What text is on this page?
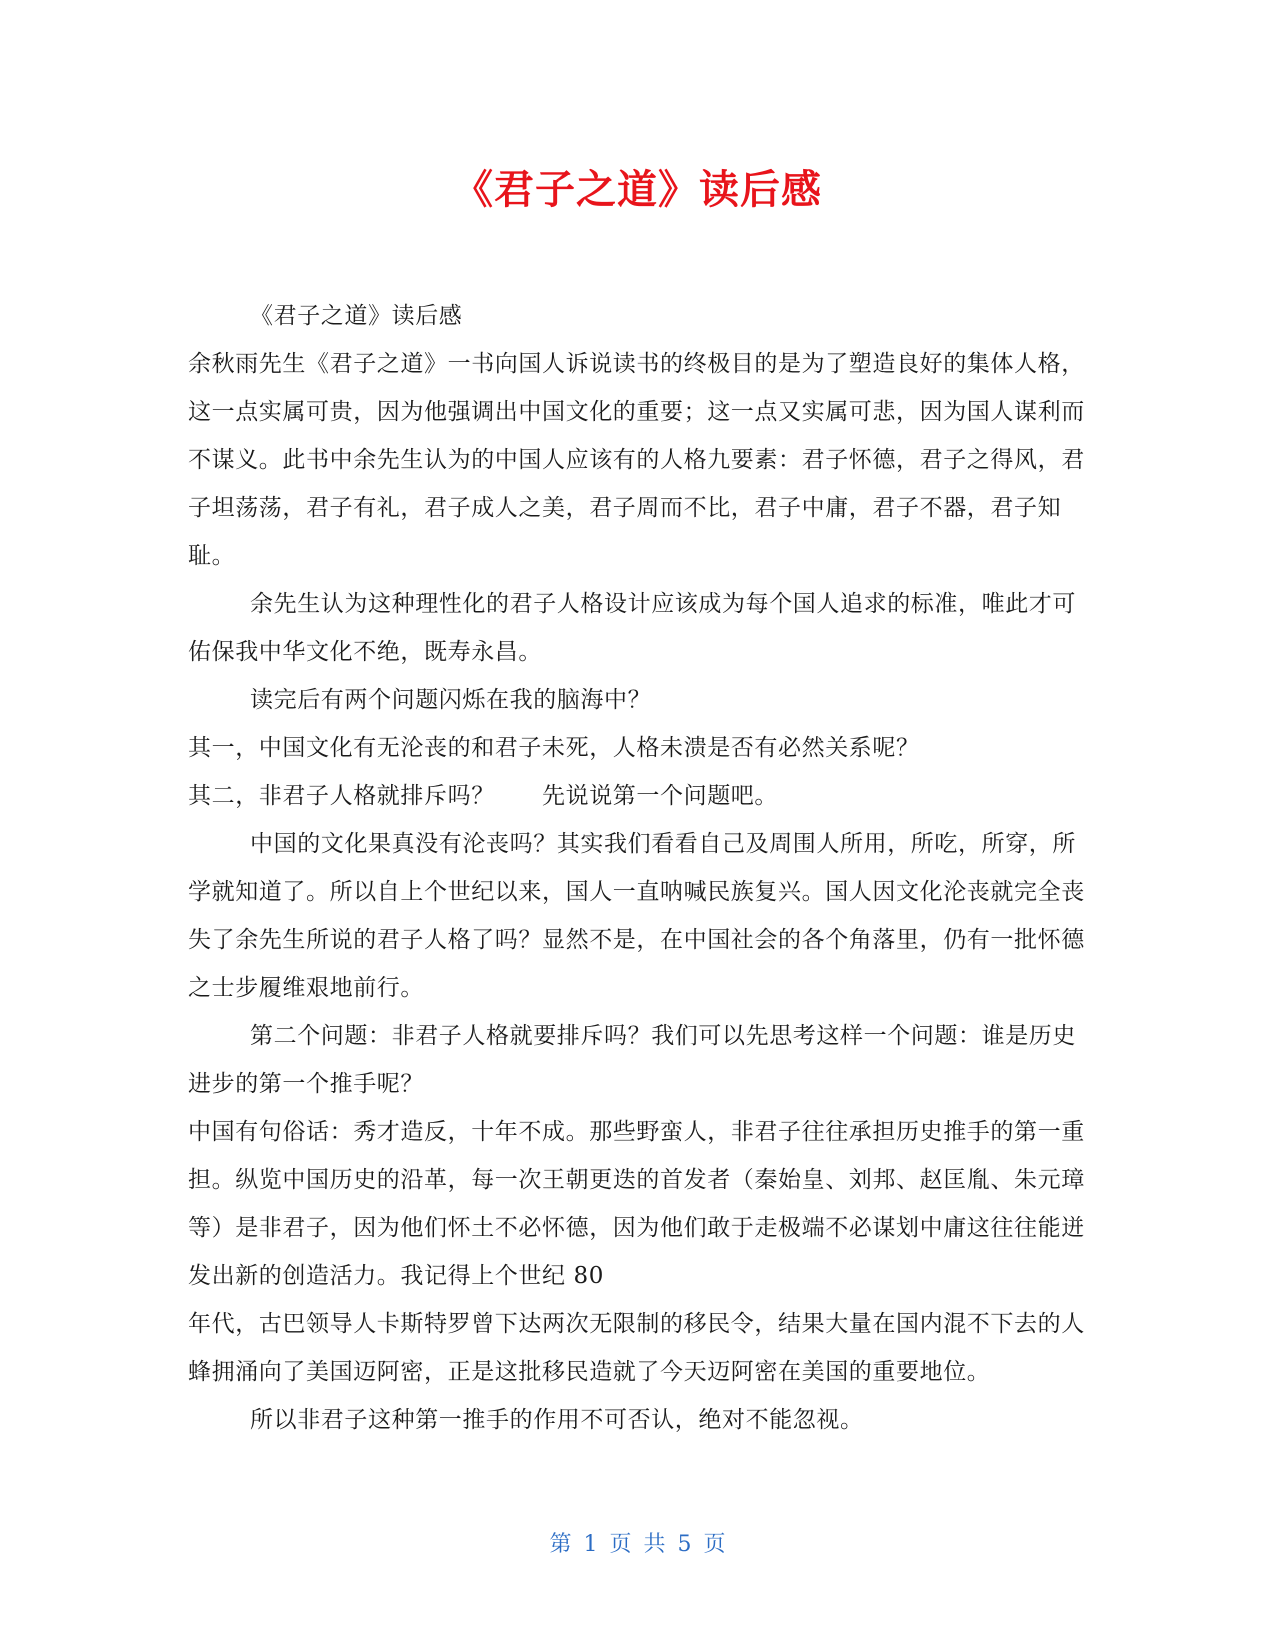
《君子之道》读后感

《君子之道》读后感

余秋雨先生《君子之道》一书向国人诉说读书的终极目的是为了塑造良好的集体人格，这一点实属可贵，因为他强调出中国文化的重要；这一点又实属可悲，因为国人谋利而不谋义。此书中余先生认为的中国人应该有的人格九要素：君子怀德，君子之得风，君子坦荡荡，君子有礼，君子成人之美，君子周而不比，君子中庸，君子不器，君子知耻。

余先生认为这种理性化的君子人格设计应该成为每个国人追求的标准，唯此才可佑保我中华文化不绝，既寿永昌。

读完后有两个问题闪烁在我的脑海中？

其一，中国文化有无沦丧的和君子未死，人格未溃是否有必然关系呢？

其二，非君子人格就排斥吗？　　先说说第一个问题吧。

中国的文化果真没有沦丧吗？其实我们看看自己及周围人所用，所吃，所穿，所学就知道了。所以自上个世纪以来，国人一直呐喊民族复兴。国人因文化沦丧就完全丧失了余先生所说的君子人格了吗？显然不是，在中国社会的各个角落里，仍有一批怀德之士步履维艰地前行。

第二个问题：非君子人格就要排斥吗？我们可以先思考这样一个问题：谁是历史进步的第一个推手呢？

中国有句俗话：秀才造反，十年不成。那些野蛮人，非君子往往承担历史推手的第一重担。纵览中国历史的沿革，每一次王朝更迭的首发者（秦始皇、刘邦、赵匡胤、朱元璋等）是非君子，因为他们怀土不必怀德，因为他们敢于走极端不必谋划中庸这往往能迸发出新的创造活力。我记得上个世纪 80

年代，古巴领导人卡斯特罗曾下达两次无限制的移民令，结果大量在国内混不下去的人蜂拥涌向了美国迈阿密，正是这批移民造就了今天迈阿密在美国的重要地位。

所以非君子这种第一推手的作用不可否认，绝对不能忽视。

第 1 页 共 5 页
